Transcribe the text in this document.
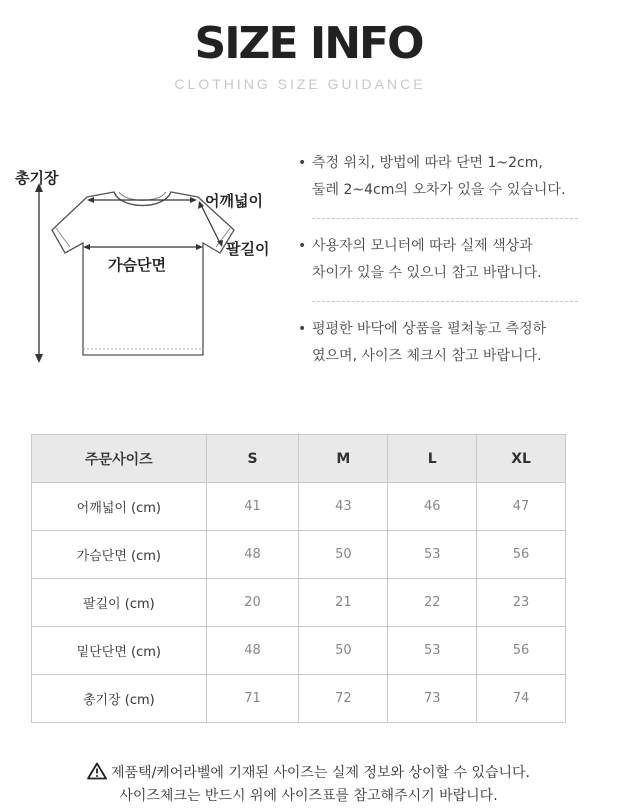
SIZE INFO
CLOTHING SIZE GUIDANCE
총기장
어깨넓이
팔길이
가슴단면
• 측정 위치, 방법에 따라 단면 1~2cm,
둘레 2~4cm의 오차가 있을 수 있습니다.
• 사용자의 모니터에 따라 실제 색상과
차이가 있을 수 있으니 참고 바랍니다.
• 평평한 바닥에 상품을 펼쳐놓고 측정하
였으며, 사이즈 체크시 참고 바랍니다.
주문사이즈	S	M	L	XL
어깨넓이 (cm)	41	43	46	47
가슴단면 (cm)	48	50	53	56
팔길이 (cm)	20	21	22	23
밑단단면 (cm)	48	50	53	56
총기장 (cm)	71	72	73	74
제품택/케어라벨에 기재된 사이즈는 실제 정보와 상이할 수 있습니다.
사이즈체크는 반드시 위에 사이즈표를 참고해주시기 바랍니다.
